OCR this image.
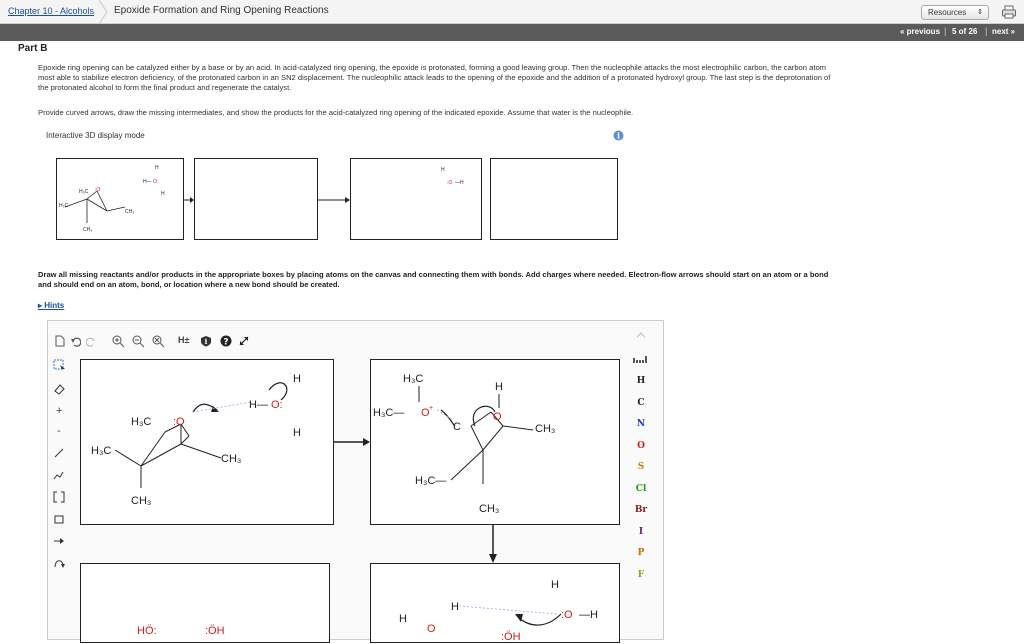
Chapter 10 - Alcohols Epoxide Formation and Ring Opening Reactions	Resources ⇕
« previous | 5 of 26 | next »
Part B
Epoxide ring opening can be catalyzed either by a base or by an acid. In acid-catalyzed ring opening, the epoxide is protonated, forming a good leaving group. Then the nucleophile attacks the most electrophilic carbon, the carbon atom
most able to stabilize electron deficiency, of the protonated carbon in an SN2 displacement. The nucleophilic attack leads to the opening of the epoxide and the addition of a protonated hydroxyl group. The last step is the deprotonation of
the protonated alcohol to form the final product and regenerate the catalyst.
Provide curved arrows, draw the missing intermediates, and show the products for the acid-catalyzed ring opening of the indicated epoxide. Assume that water is the nucleophile.
Interactive 3D display mode	i
H₃C
H₃C :O:
CH₃
CH₃
H
H— O:
H
H
:O —H
Draw all missing reactants and/or products in the appropriate boxes by placing atoms on the canvas and connecting them with bonds. Add charges where needed. Electron-flow arrows should start on an atom or a bond
and should end on an atom, bond, or location where a new bond should be created.
▸ Hints
H± i ?
+
-
H₃C
H₃C :O
CH₃
CH₃
H— O:
H
H
H₃C
H₃C— O +
C
O
H
CH₃
H₃C—
CH₃
HÖ:	:ÖH
H
H
O
:ÖH
H
:O —H
H
C
N
O
S
Cl
Br
I
P
F
